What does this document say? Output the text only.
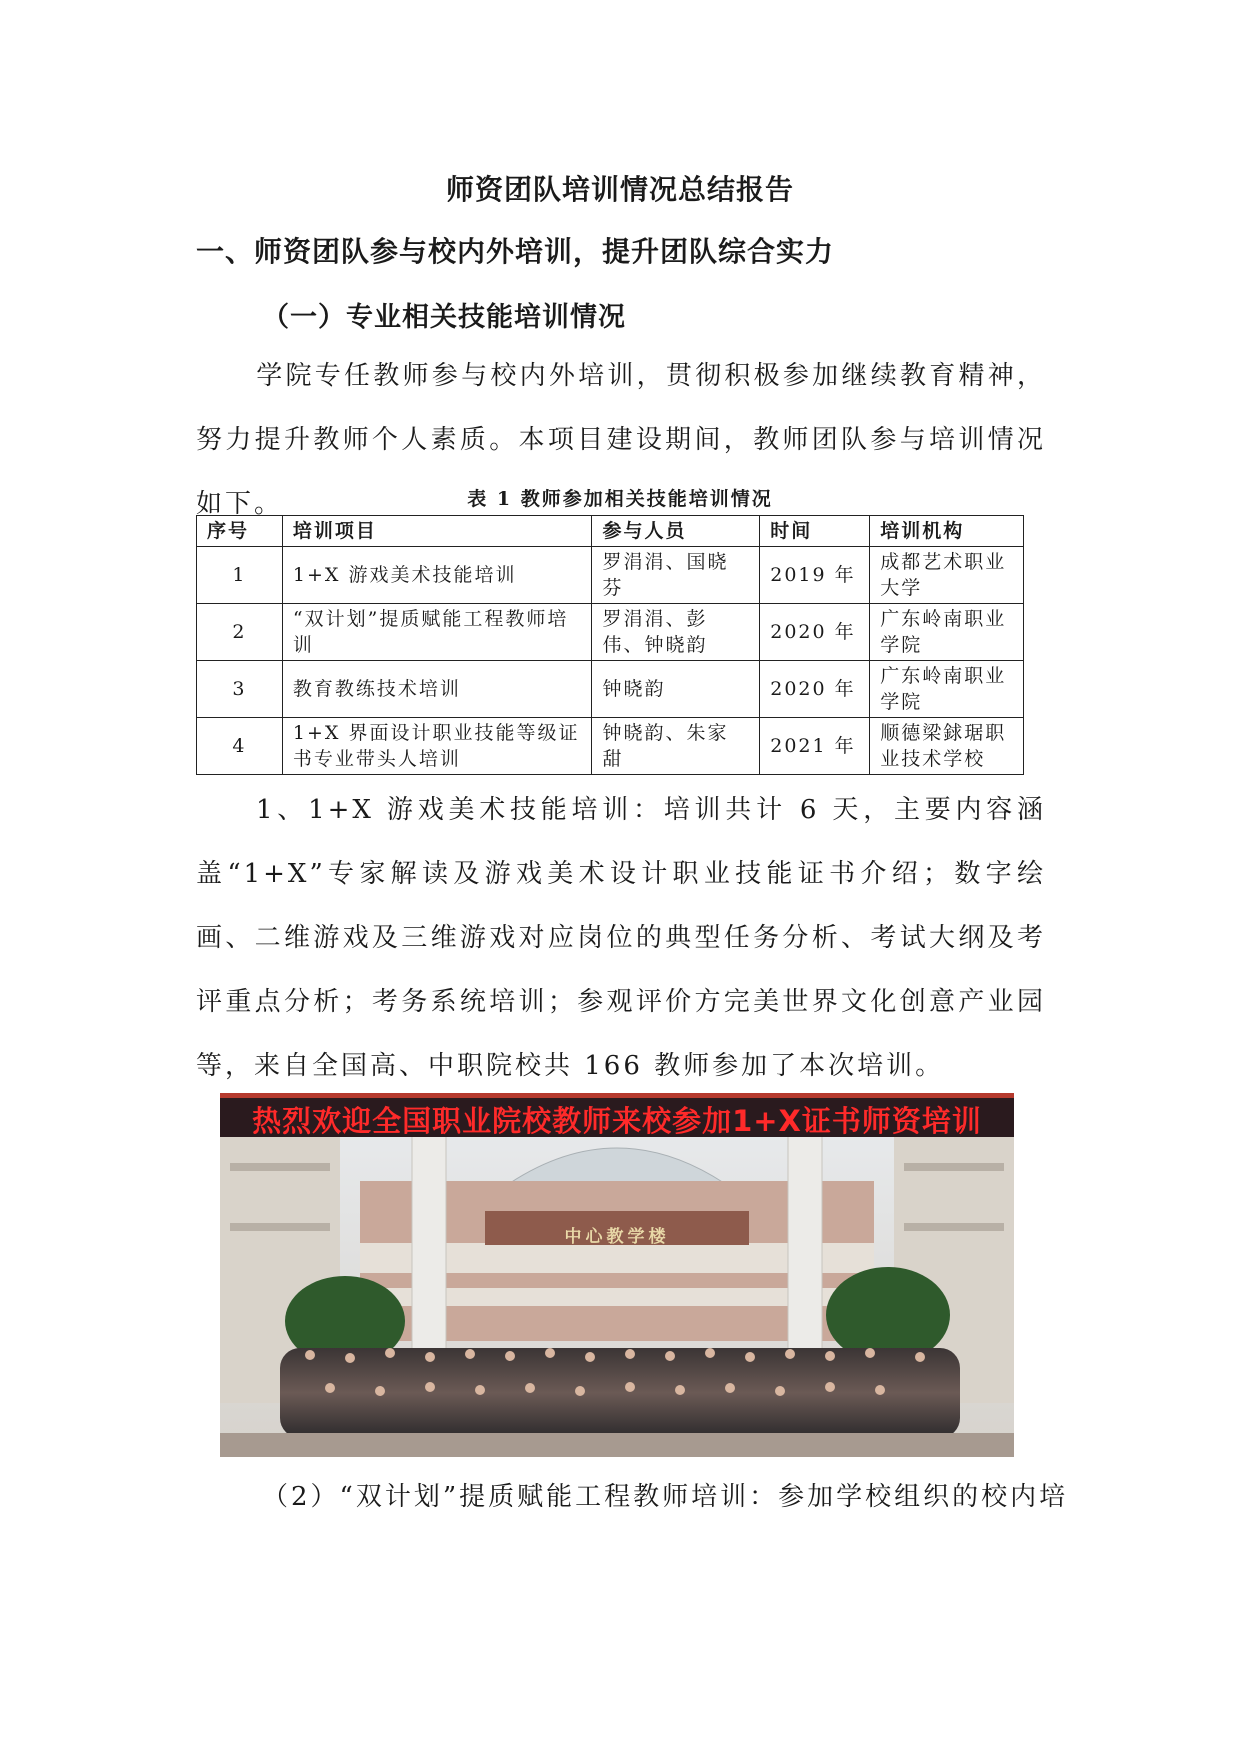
师资团队培训情况总结报告
一、师资团队参与校内外培训，提升团队综合实力
（一）专业相关技能培训情况
学院专任教师参与校内外培训，贯彻积极参加继续教育精神，努力提升教师个人素质。本项目建设期间，教师团队参与培训情况如下。	表 1 教师参加相关技能培训情况
序号	培训项目	参与人员	时间	培训机构
1	1+X 游戏美术技能培训	罗涓涓、国晓芬	2019 年	成都艺术职业大学
2	“双计划”提质赋能工程教师培训	罗涓涓、彭伟、钟晓韵	2020 年	广东岭南职业学院
3	教育教练技术培训	钟晓韵	2020 年	广东岭南职业学院
4	1+X 界面设计职业技能等级证书专业带头人培训	钟晓韵、朱家甜	2021 年	顺德梁銶琚职业技术学校
1、1+X 游戏美术技能培训：培训共计 6 天，主要内容涵盖“1+X”专家解读及游戏美术设计职业技能证书介绍；数字绘画、二维游戏及三维游戏对应岗位的典型任务分析、考试大纲及考评重点分析；考务系统培训；参观评价方完美世界文化创意产业园等，来自全国高、中职院校共 166 教师参加了本次培训。
热烈欢迎全国职业院校教师来校参加1+X证书师资培训
中心教学楼
（2）“双计划”提质赋能工程教师培训：参加学校组织的校内培
